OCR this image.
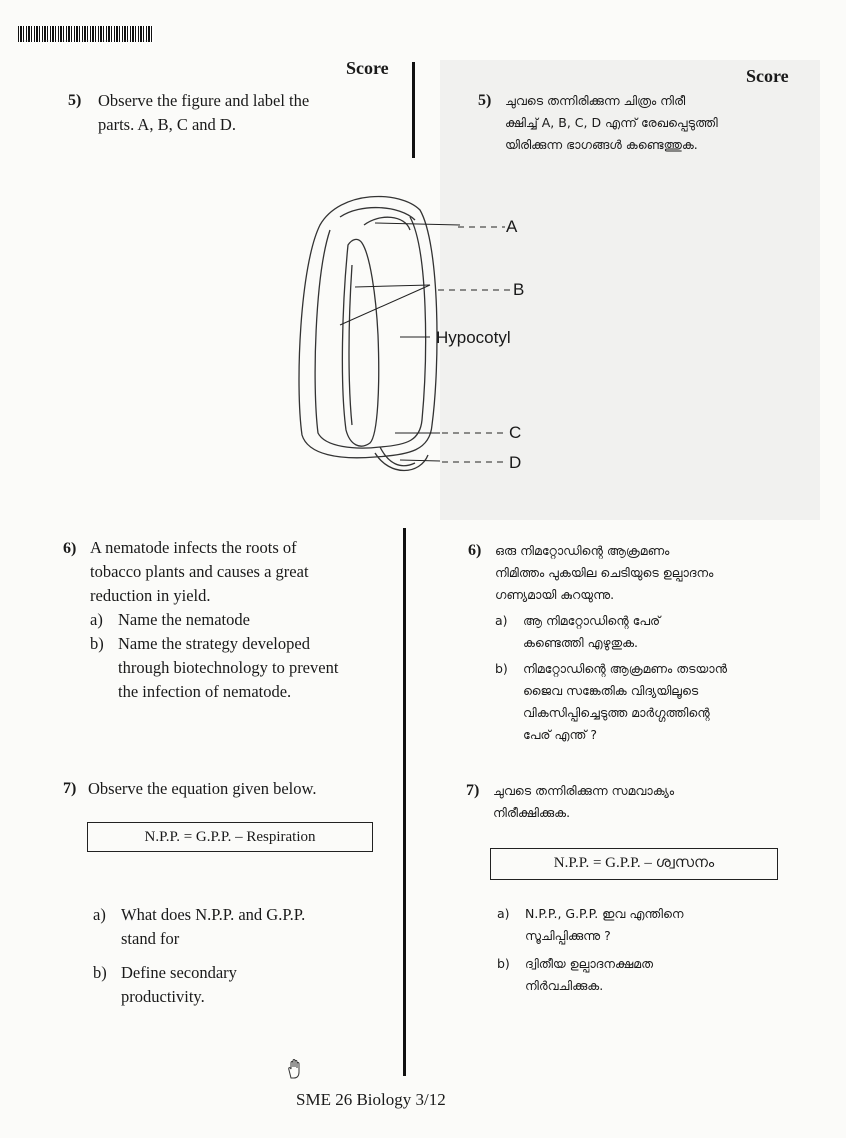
Score	Score
5) Observe the figure and label the
parts. A, B, C and D.
5) ചുവടെ തന്നിരിക്കുന്ന ചിത്രം നിരീ
ക്ഷിച്ച് A, B, C, D എന്ന് രേഖപ്പെടുത്തി
യിരിക്കുന്ന ഭാഗങ്ങൾ കണ്ടെത്തുക.
A
B
Hypocotyl
C
D
6) A nematode infects the roots of
tobacco plants and causes a great
reduction in yield.
a) Name the nematode
b) Name the strategy developed
through biotechnology to prevent
the infection of nematode.
6) ഒരു നിമറ്റോഡിന്റെ ആക്രമണം
നിമിത്തം പുകയില ചെടിയുടെ ഉല്പാദനം
ഗണ്യമായി കുറയുന്നു.
a)	ആ നിമറ്റോഡിന്റെ പേര്
കണ്ടെത്തി എഴുതുക.
b)	നിമറ്റോഡിന്റെ ആക്രമണം തടയാൻ
ജൈവ സങ്കേതിക വിദ്യയിലൂടെ
വികസിപ്പിച്ചെടുത്ത മാർഗ്ഗത്തിന്റെ
പേര് എന്ത് ?
7) Observe the equation given below.
N.P.P. = G.P.P. – Respiration
a) What does N.P.P. and G.P.P.
stand for
b) Define secondary
productivity.
7) ചുവടെ തന്നിരിക്കുന്ന സമവാക്യം
നിരീക്ഷിക്കുക.
N.P.P. = G.P.P. – ശ്വസനം
a)	N.P.P., G.P.P. ഇവ എന്തിനെ
സൂചിപ്പിക്കുന്നു ?
b)	ദ്വിതീയ ഉല്പാദനക്ഷമത
നിർവചിക്കുക.
SME 26 Biology 3/12
